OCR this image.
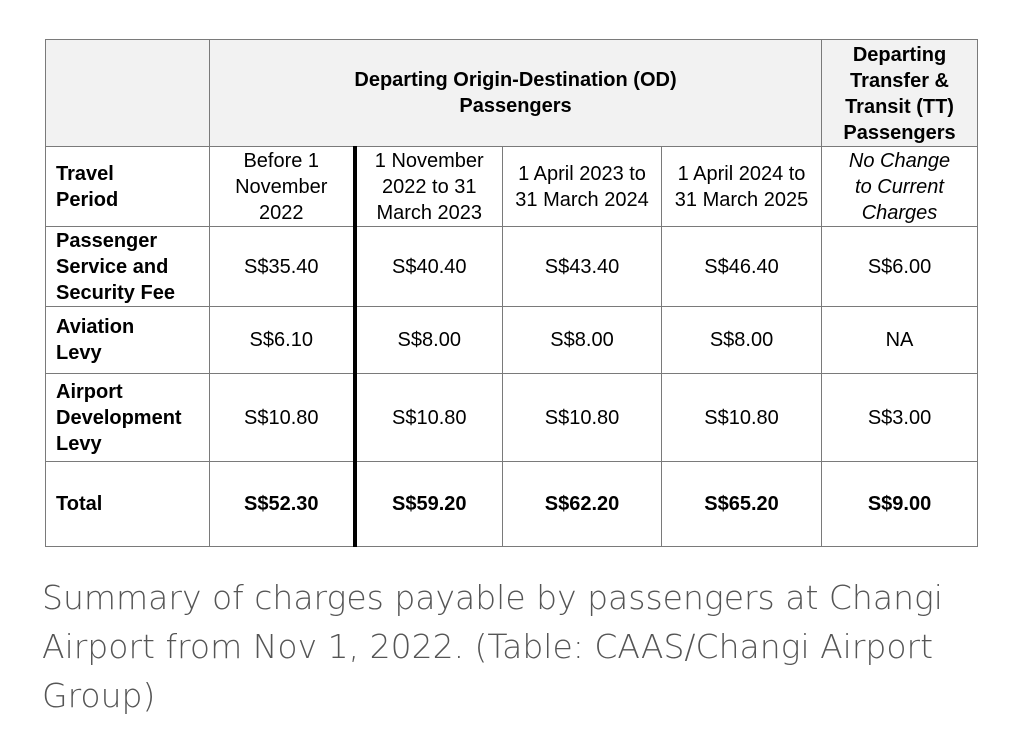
	Departing Origin-Destination (OD) Passengers				Departing Transfer & Transit (TT) Passengers
Travel Period	Before 1 November 2022	1 November 2022 to 31 March 2023	1 April 2023 to 31 March 2024	1 April 2024 to 31 March 2025	No Change to Current Charges
Passenger Service and Security Fee	S$35.40	S$40.40	S$43.40	S$46.40	S$6.00
Aviation Levy	S$6.10	S$8.00	S$8.00	S$8.00	NA
Airport Development Levy	S$10.80	S$10.80	S$10.80	S$10.80	S$3.00
Total	S$52.30	S$59.20	S$62.20	S$65.20	S$9.00
Summary of charges payable by passengers at Changi Airport from Nov 1, 2022. (Table: CAAS/Changi Airport Group)
